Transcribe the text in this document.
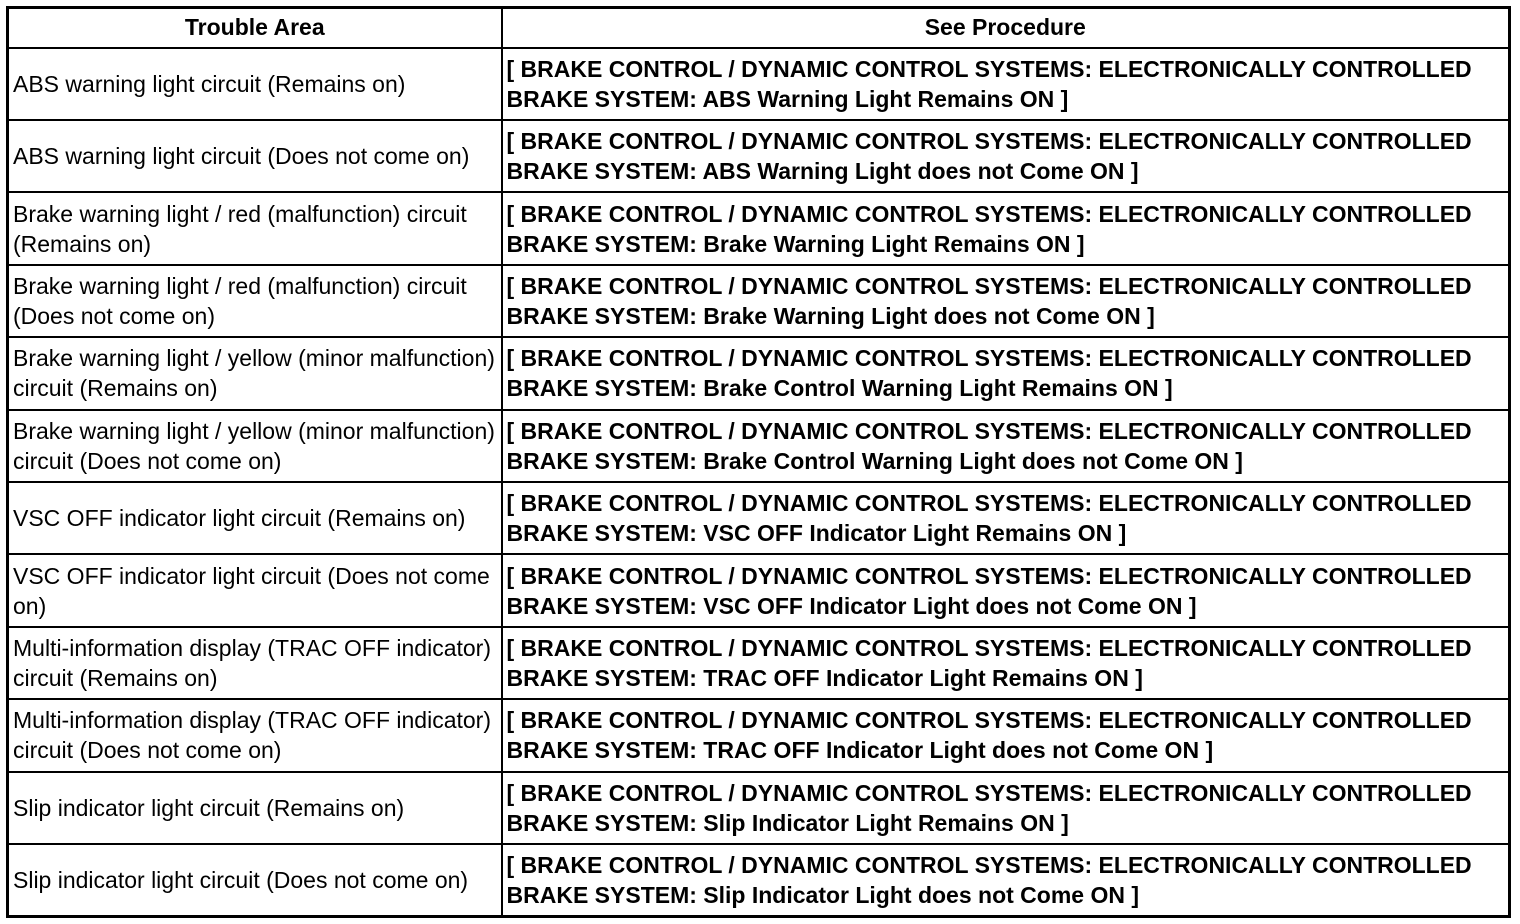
Trouble Area	See Procedure
ABS warning light circuit (Remains on)	[ BRAKE CONTROL / DYNAMIC CONTROL SYSTEMS: ELECTRONICALLY CONTROLLED BRAKE SYSTEM: ABS Warning Light Remains ON ]
ABS warning light circuit (Does not come on)	[ BRAKE CONTROL / DYNAMIC CONTROL SYSTEMS: ELECTRONICALLY CONTROLLED BRAKE SYSTEM: ABS Warning Light does not Come ON ]
Brake warning light / red (malfunction) circuit (Remains on)	[ BRAKE CONTROL / DYNAMIC CONTROL SYSTEMS: ELECTRONICALLY CONTROLLED BRAKE SYSTEM: Brake Warning Light Remains ON ]
Brake warning light / red (malfunction) circuit (Does not come on)	[ BRAKE CONTROL / DYNAMIC CONTROL SYSTEMS: ELECTRONICALLY CONTROLLED BRAKE SYSTEM: Brake Warning Light does not Come ON ]
Brake warning light / yellow (minor malfunction) circuit (Remains on)	[ BRAKE CONTROL / DYNAMIC CONTROL SYSTEMS: ELECTRONICALLY CONTROLLED BRAKE SYSTEM: Brake Control Warning Light Remains ON ]
Brake warning light / yellow (minor malfunction) circuit (Does not come on)	[ BRAKE CONTROL / DYNAMIC CONTROL SYSTEMS: ELECTRONICALLY CONTROLLED BRAKE SYSTEM: Brake Control Warning Light does not Come ON ]
VSC OFF indicator light circuit (Remains on)	[ BRAKE CONTROL / DYNAMIC CONTROL SYSTEMS: ELECTRONICALLY CONTROLLED BRAKE SYSTEM: VSC OFF Indicator Light Remains ON ]
VSC OFF indicator light circuit (Does not come on)	[ BRAKE CONTROL / DYNAMIC CONTROL SYSTEMS: ELECTRONICALLY CONTROLLED BRAKE SYSTEM: VSC OFF Indicator Light does not Come ON ]
Multi-information display (TRAC OFF indicator) circuit (Remains on)	[ BRAKE CONTROL / DYNAMIC CONTROL SYSTEMS: ELECTRONICALLY CONTROLLED BRAKE SYSTEM: TRAC OFF Indicator Light Remains ON ]
Multi-information display (TRAC OFF indicator) circuit (Does not come on)	[ BRAKE CONTROL / DYNAMIC CONTROL SYSTEMS: ELECTRONICALLY CONTROLLED BRAKE SYSTEM: TRAC OFF Indicator Light does not Come ON ]
Slip indicator light circuit (Remains on)	[ BRAKE CONTROL / DYNAMIC CONTROL SYSTEMS: ELECTRONICALLY CONTROLLED BRAKE SYSTEM: Slip Indicator Light Remains ON ]
Slip indicator light circuit (Does not come on)	[ BRAKE CONTROL / DYNAMIC CONTROL SYSTEMS: ELECTRONICALLY CONTROLLED BRAKE SYSTEM: Slip Indicator Light does not Come ON ]
